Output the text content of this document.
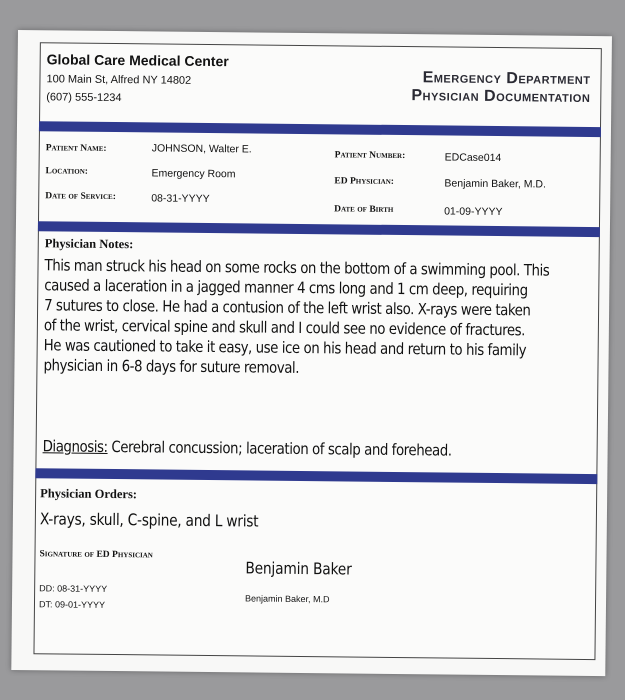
Global Care Medical Center
100 Main St, Alfred NY 14802
(607) 555-1234
Emergency Department
Physician Documentation
Patient Name:	JOHNSON, Walter E.
Patient Number:	EDCase014
Location:	Emergency Room
ED Physician:	Benjamin Baker, M.D.
Date of Service:	08-31-YYYY
Date of Birth	01-09-YYYY
Physician Notes:
This man struck his head on some rocks on the bottom of a swimming pool. This
caused a laceration in a jagged manner 4 cms long and 1 cm deep, requiring
7 sutures to close. He had a contusion of the left wrist also. X-rays were taken
of the wrist, cervical spine and skull and I could see no evidence of fractures.
He was cautioned to take it easy, use ice on his head and return to his family
physician in 6-8 days for suture removal.
Diagnosis: Cerebral concussion; laceration of scalp and forehead.
Physician Orders:
X-rays, skull, C-spine, and L wrist
Signature of ED Physician
Benjamin Baker
DD: 08-31-YYYY
DT: 09-01-YYYY
Benjamin Baker, M.D
